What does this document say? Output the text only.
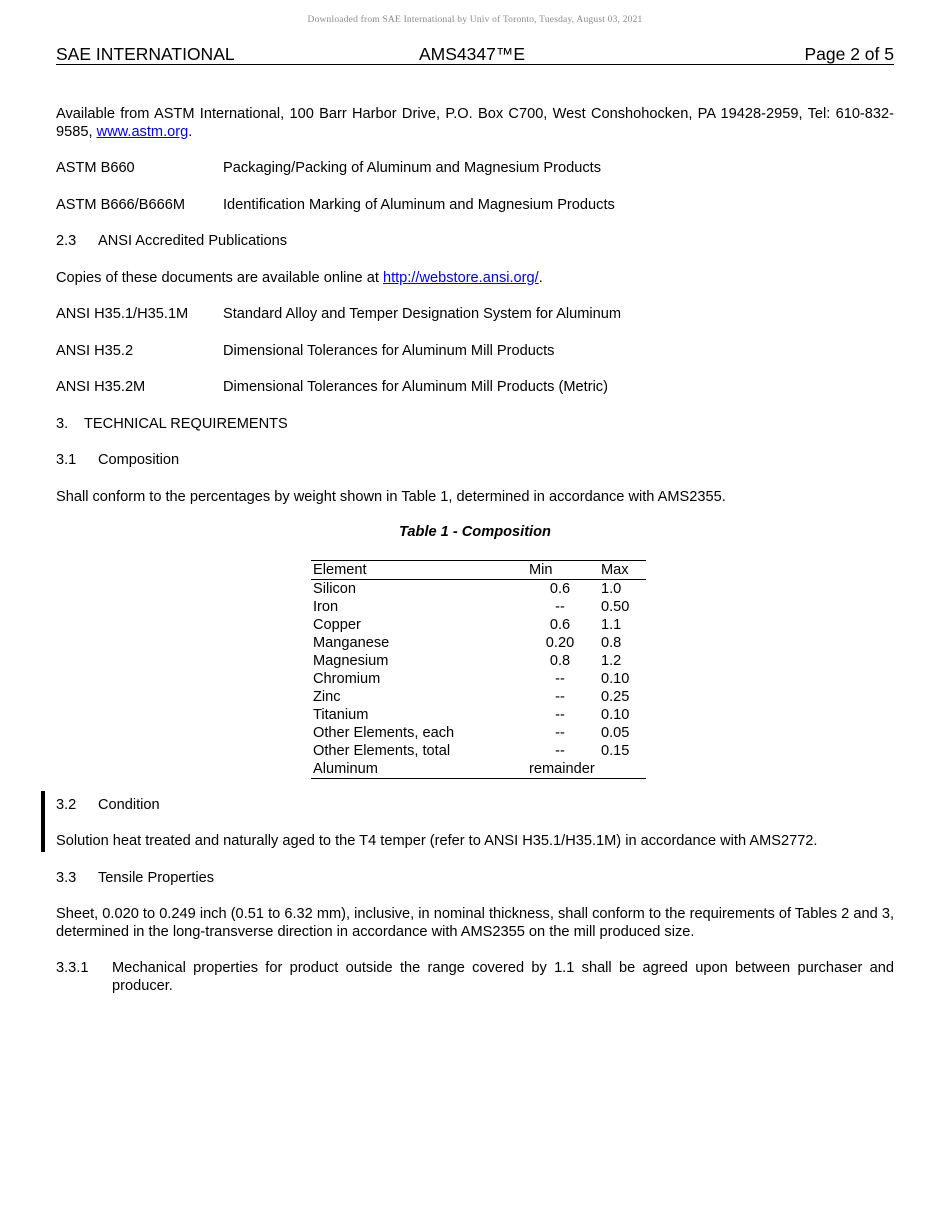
Downloaded from SAE International by Univ of Toronto, Tuesday, August 03, 2021
SAE INTERNATIONAL	AMS4347™E	Page 2 of 5
Available from ASTM International, 100 Barr Harbor Drive, P.O. Box C700, West Conshohocken, PA 19428-2959, Tel: 610-832-9585, www.astm.org.
ASTM B660	Packaging/Packing of Aluminum and Magnesium Products
ASTM B666/B666M	Identification Marking of Aluminum and Magnesium Products
2.3 ANSI Accredited Publications
Copies of these documents are available online at http://webstore.ansi.org/.
ANSI H35.1/H35.1M Standard Alloy and Temper Designation System for Aluminum
ANSI H35.2	Dimensional Tolerances for Aluminum Mill Products
ANSI H35.2M	Dimensional Tolerances for Aluminum Mill Products (Metric)
3. TECHNICAL REQUIREMENTS
3.1 Composition
Shall conform to the percentages by weight shown in Table 1, determined in accordance with AMS2355.
Table 1 - Composition
Element	Min	Max
Silicon	0.6	1.0
Iron	--	0.50
Copper	0.6	1.1
Manganese	0.20	0.8
Magnesium	0.8	1.2
Chromium	--	0.10
Zinc	--	0.25
Titanium	--	0.10
Other Elements, each	--	0.05
Other Elements, total	--	0.15
Aluminum	remainder	
3.2 Condition
Solution heat treated and naturally aged to the T4 temper (refer to ANSI H35.1/H35.1M) in accordance with AMS2772.
3.3 Tensile Properties
Sheet, 0.020 to 0.249 inch (0.51 to 6.32 mm), inclusive, in nominal thickness, shall conform to the requirements of Tables 2 and 3, determined in the long-transverse direction in accordance with AMS2355 on the mill produced size.
3.3.1 Mechanical properties for product outside the range covered by 1.1 shall be agreed upon between purchaser and producer.
